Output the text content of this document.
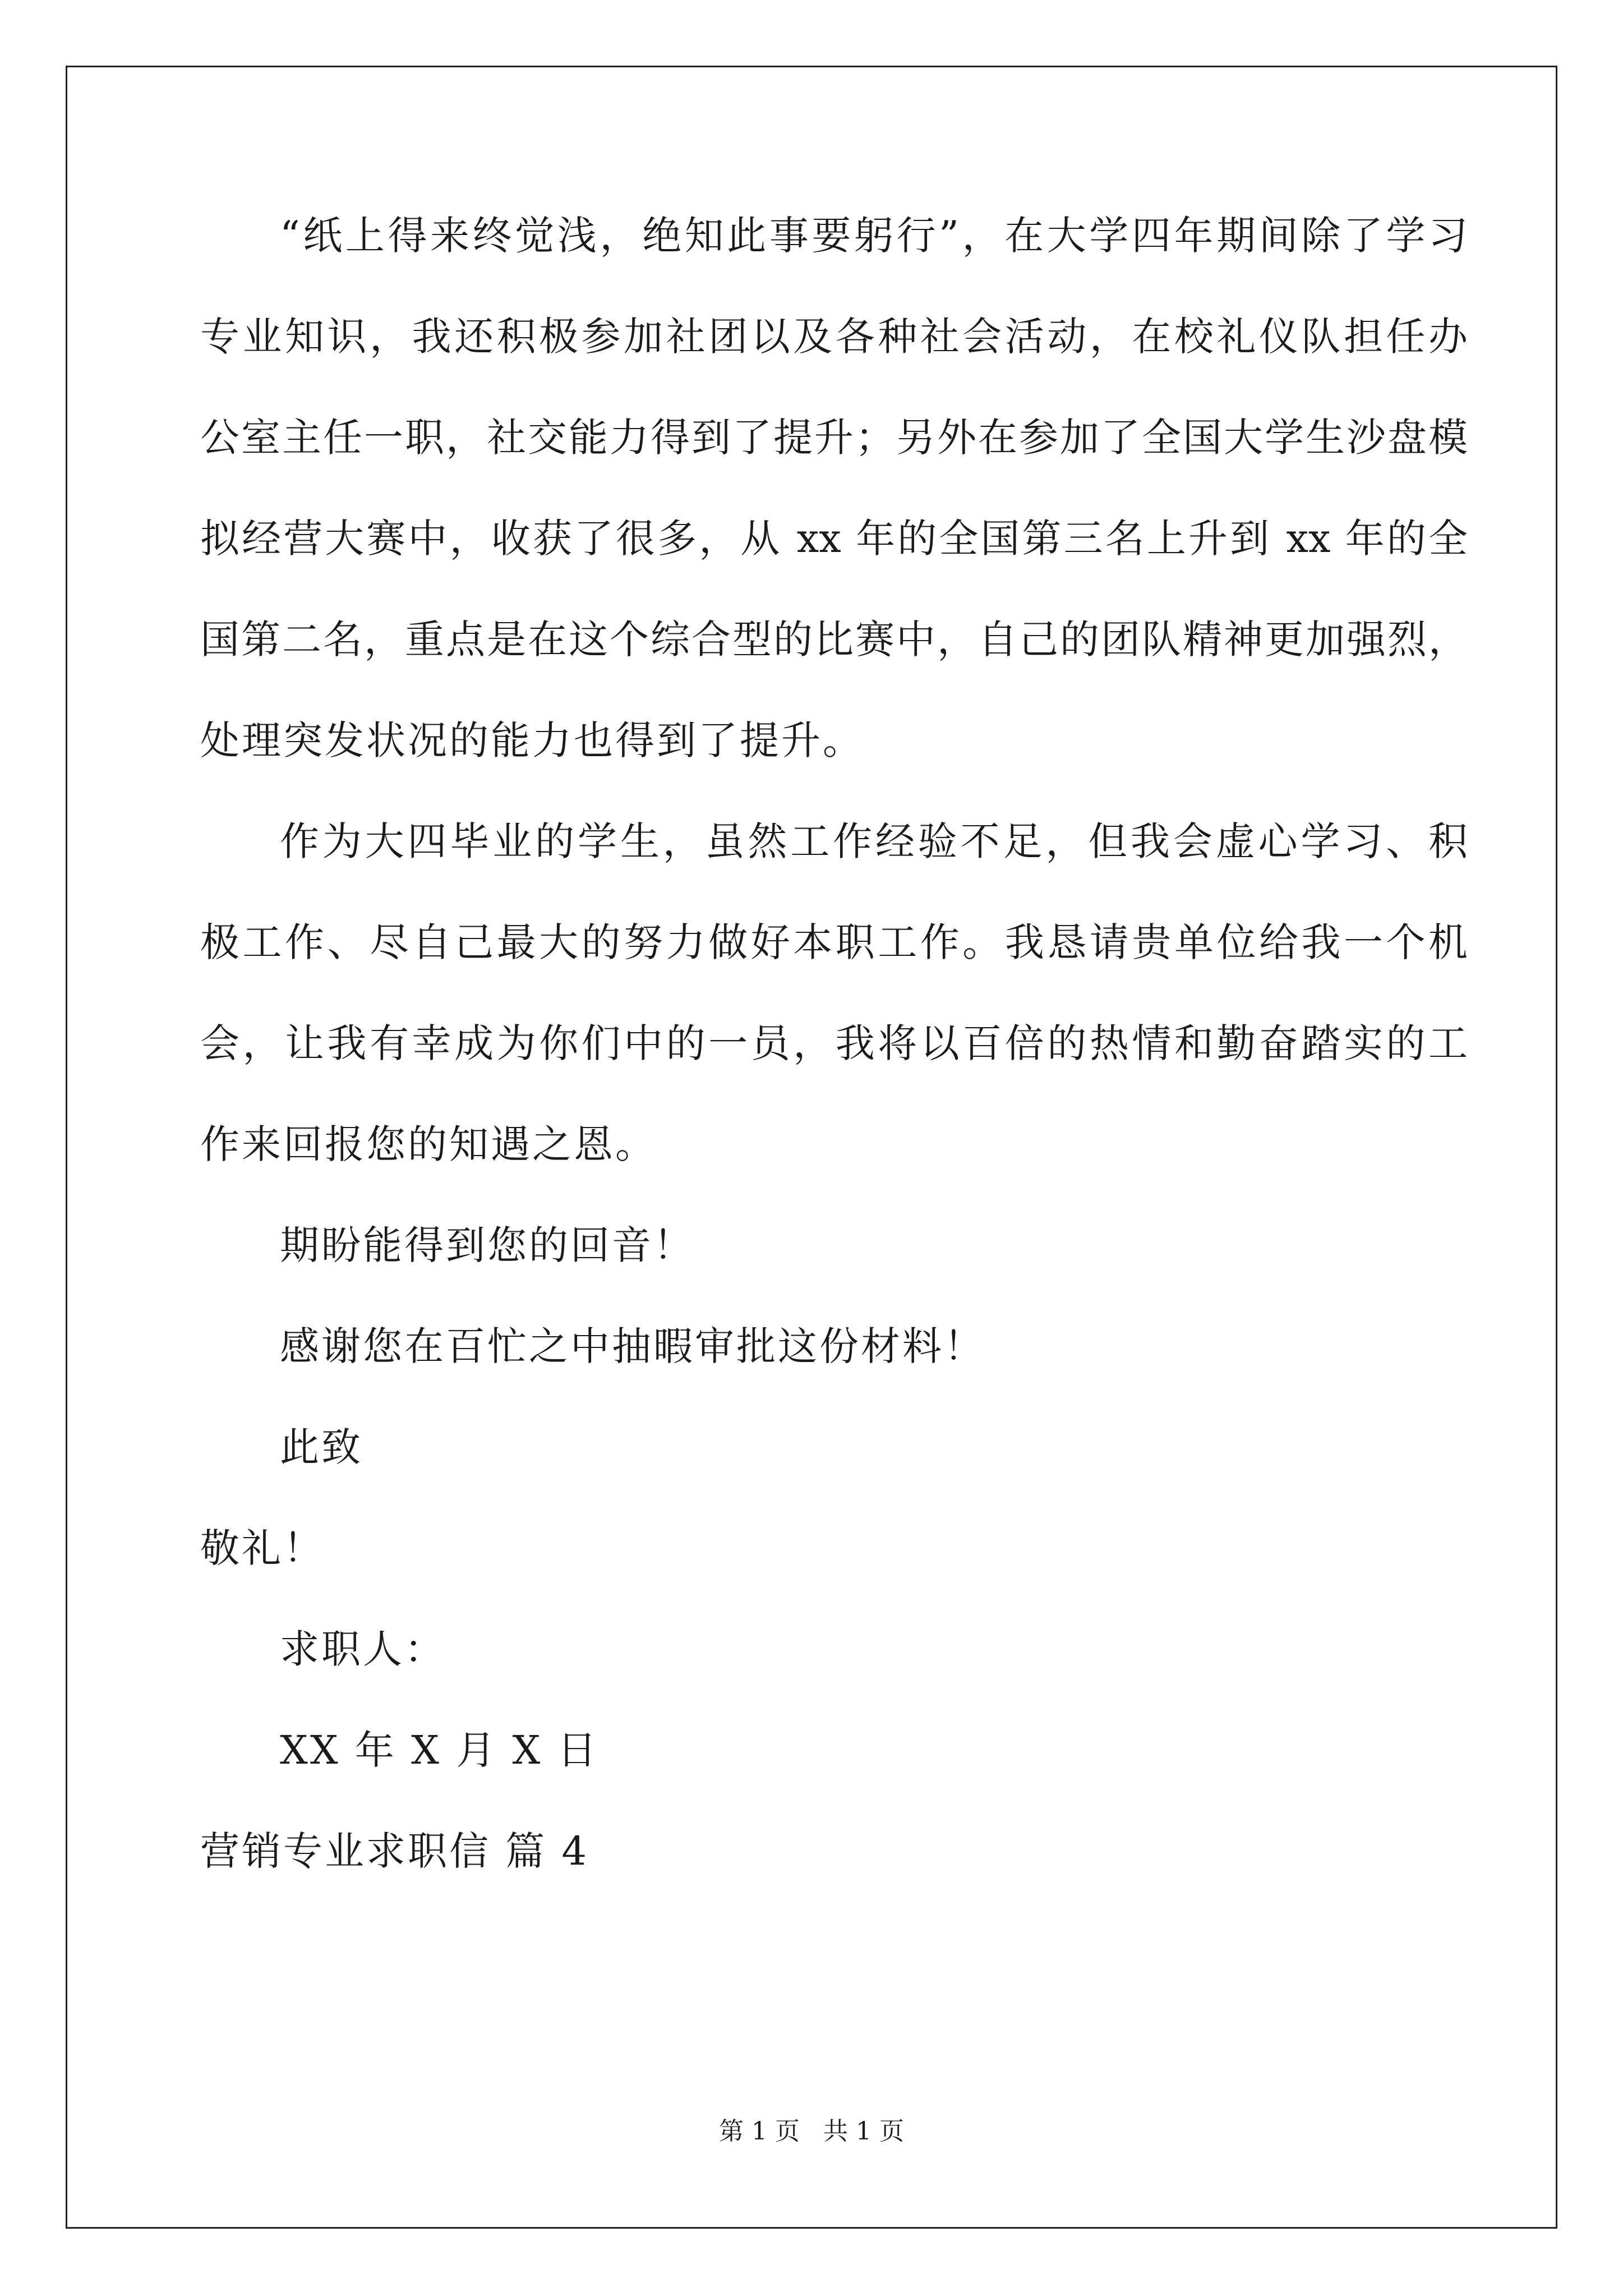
“纸上得来终觉浅，绝知此事要躬行”，在大学四年期间除了学习
专业知识，我还积极参加社团以及各种社会活动，在校礼仪队担任办
公室主任一职，社交能力得到了提升；另外在参加了全国大学生沙盘模
拟经营大赛中，收获了很多，从 xx 年的全国第三名上升到 xx 年的全
国第二名，重点是在这个综合型的比赛中，自己的团队精神更加强烈，
处理突发状况的能力也得到了提升。
作为大四毕业的学生，虽然工作经验不足，但我会虚心学习、积
极工作、尽自己最大的努力做好本职工作。我恳请贵单位给我一个机
会，让我有幸成为你们中的一员，我将以百倍的热情和勤奋踏实的工
作来回报您的知遇之恩。
期盼能得到您的回音！
感谢您在百忙之中抽暇审批这份材料！
此致
敬礼！
求职人：
XX 年 X 月 X 日
营销专业求职信 篇 4
第 1 页   共 1 页
